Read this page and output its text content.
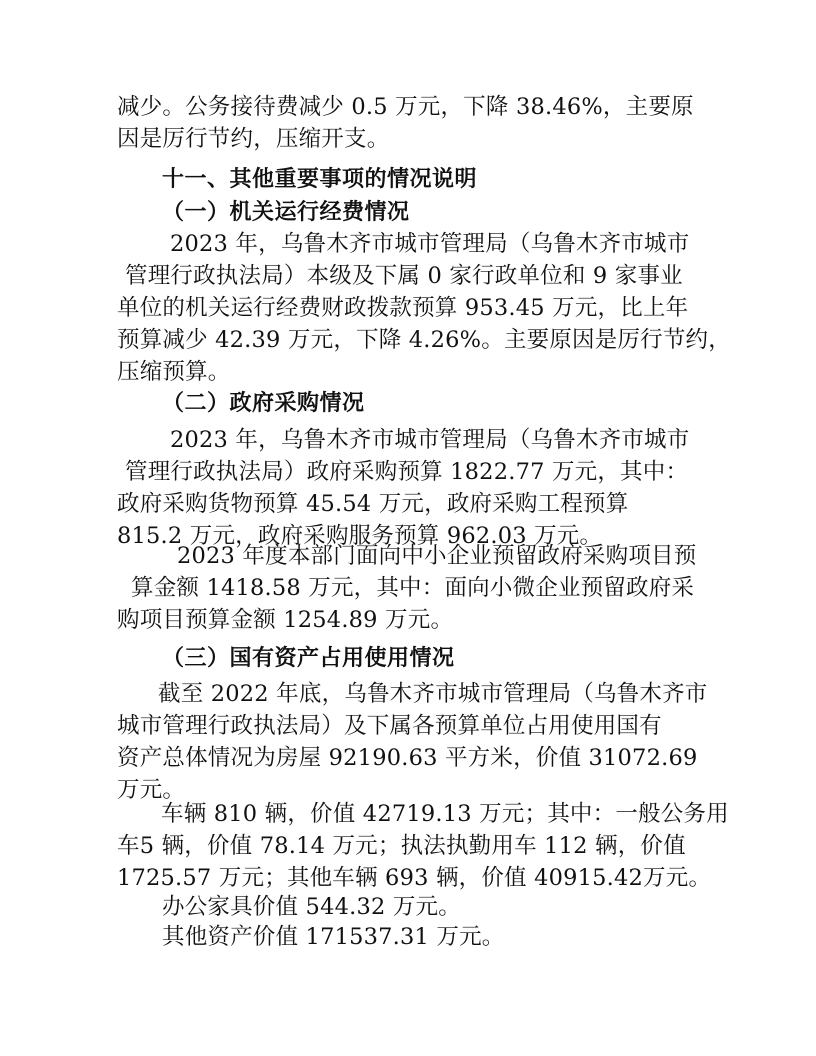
减少。公务接待费减少 0.5 万元，下降 38.46%，主要原
因是厉行节约，压缩开支。
十一、其他重要事项的情况说明
（一）机关运行经费情况
2023 年，乌鲁木齐市城市管理局（乌鲁木齐市城市
管理行政执法局）本级及下属 0 家行政单位和 9 家事业
单位的机关运行经费财政拨款预算 953.45 万元，比上年
预算减少 42.39 万元，下降 4.26%。主要原因是厉行节约，
压缩预算。
（二）政府采购情况
2023 年，乌鲁木齐市城市管理局（乌鲁木齐市城市
管理行政执法局）政府采购预算 1822.77 万元，其中：
政府采购货物预算 45.54 万元，政府采购工程预算
815.2 万元，政府采购服务预算 962.03 万元。
2023 年度本部门面向中小企业预留政府采购项目预
算金额 1418.58 万元，其中：面向小微企业预留政府采
购项目预算金额 1254.89 万元。
（三）国有资产占用使用情况
截至 2022 年底，乌鲁木齐市城市管理局（乌鲁木齐市
城市管理行政执法局）及下属各预算单位占用使用国有
资产总体情况为房屋 92190.63 平方米，价值 31072.69
万元。
车辆 810 辆，价值 42719.13 万元；其中：一般公务用
车5 辆，价值 78.14 万元；执法执勤用车 112 辆，价值
1725.57 万元；其他车辆 693 辆，价值 40915.42万元。
办公家具价值 544.32 万元。
其他资产价值 171537.31 万元。
